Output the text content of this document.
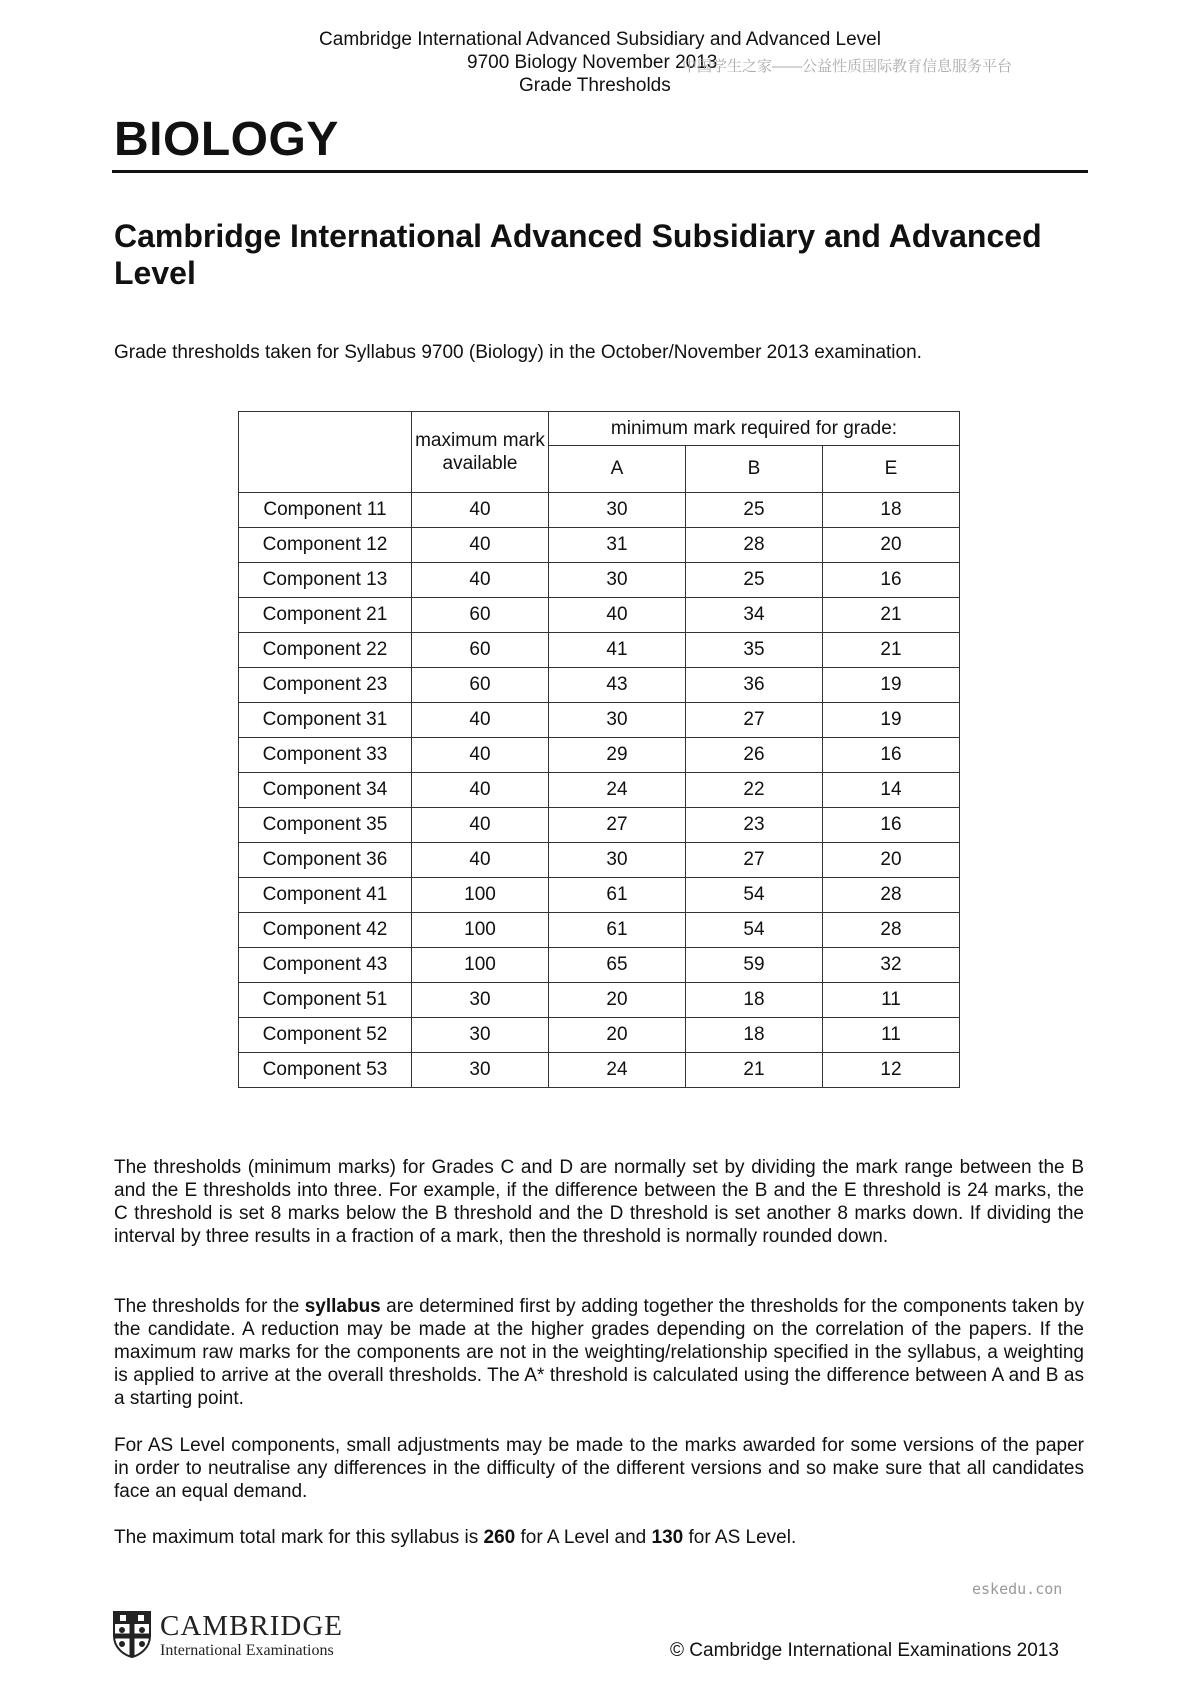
Cambridge International Advanced Subsidiary and Advanced Level
9700 Biology November 2013
Grade Thresholds
中国学生之家——公益性质国际教育信息服务平台
BIOLOGY
Cambridge International Advanced Subsidiary and Advanced Level
Grade thresholds taken for Syllabus 9700 (Biology) in the October/November 2013 examination.
	maximum mark available	minimum mark required for grade:		
		A	B	E
Component 11	40	30	25	18
Component 12	40	31	28	20
Component 13	40	30	25	16
Component 21	60	40	34	21
Component 22	60	41	35	21
Component 23	60	43	36	19
Component 31	40	30	27	19
Component 33	40	29	26	16
Component 34	40	24	22	14
Component 35	40	27	23	16
Component 36	40	30	27	20
Component 41	100	61	54	28
Component 42	100	61	54	28
Component 43	100	65	59	32
Component 51	30	20	18	11
Component 52	30	20	18	11
Component 53	30	24	21	12

The thresholds (minimum marks) for Grades C and D are normally set by dividing the mark range between the B and the E thresholds into three. For example, if the difference between the B and the E threshold is 24 marks, the C threshold is set 8 marks below the B threshold and the D threshold is set another 8 marks down. If dividing the interval by three results in a fraction of a mark, then the threshold is normally rounded down.

The thresholds for the syllabus are determined first by adding together the thresholds for the components taken by the candidate. A reduction may be made at the higher grades depending on the correlation of the papers. If the maximum raw marks for the components are not in the weighting/relationship specified in the syllabus, a weighting is applied to arrive at the overall thresholds. The A* threshold is calculated using the difference between A and B as a starting point.

For AS Level components, small adjustments may be made to the marks awarded for some versions of the paper in order to neutralise any differences in the difficulty of the different versions and so make sure that all candidates face an equal demand.

The maximum total mark for this syllabus is 260 for A Level and 130 for AS Level.

eskedu.con
CAMBRIDGE
International Examinations	© Cambridge International Examinations 2013
